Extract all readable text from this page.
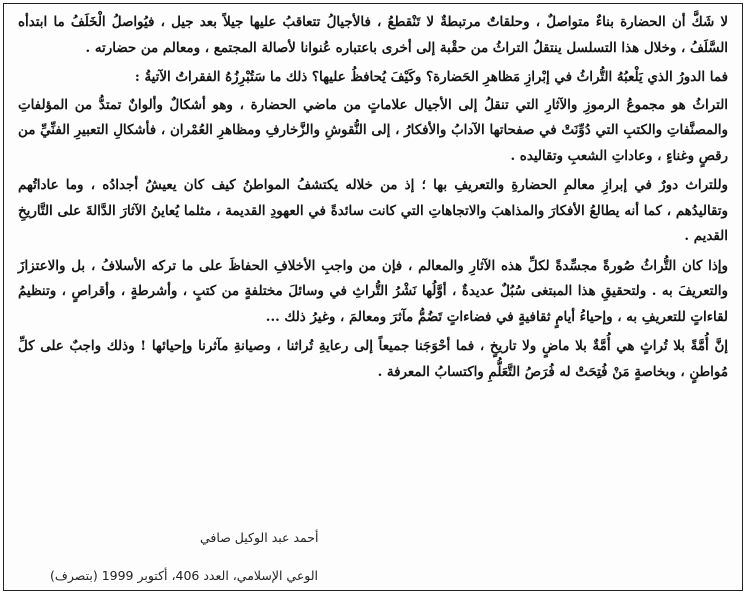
لا شَكَّ أن الحضارة بناءٌ متواصلٌ ، وحلقاتٌ مرتبطةٌ لا تَنْقطعُ ، فالأجيالُ تتعاقبُ عليها جيلاً بعد جيل ، فيُواصلُ الْخَلَفُ ما ابتدأه السَّلَفُ ، وخلال هذا التسلسل ينتقلُ التراثُ من حقْبة إلى أخرى باعتباره عُنوانا لأصالة المجتمع ، ومعالم من حضارته .

فما الدورُ الذي يَلْعبُهُ التُّراثُ في إبْرازِ مَظاهرِ الحَضارة؟ وكَيْفَ يُحافظُ عليها؟ ذلك ما سَتُبْرِزُهُ الفقراتُ الآتيةُ :

التراثُ هو مجموعُ الرموزِ والآثارِ التي تنقلُ إلى الأجيال علاماتٍ من ماضي الحضارة ، وهو أشكالٌ وألوانٌ تمتدُّ من المؤلفاتِ والمصنَّفاتِ والكتبِ التي دُوِّنَتْ في صفحاتها الآدابُ والأفكارُ ، إلى النُّقوشِ والزَّخارفِ ومظاهرِ العُمْران ، فأشكالِ التعبيرِ الفنِّيِّ من رقصٍ وغناءٍ ، وعاداتِ الشعبِ وتقاليده .

وللتراث دورٌ في إبرازِ معالمِ الحضارةِ والتعريفِ بها ؛ إذ من خلاله يكتشفُ المواطنُ كيف كان يعيشُ أجدادُه ، وما عاداتُهم وتقاليدُهم ، كما أنه يطالعُ الأفكارَ والمذاهبَ والاتجاهاتِ التي كانت سائدةً في العهودِ القديمة ، مثلما يُعاينُ الآثارَ الدَّالةَ على التَّاريخِ القديم .

وإذا كان التُّراثُ صُورةً مجسِّدةً لكلِّ هذه الآثارِ والمعالم ، فإن من واجبِ الأخلافِ الحفاظَ على ما تركه الأسلافُ ، بل والاعتزازَ والتعريفَ به . ولتحقيقِ هذا المبتغى سُبُلٌ عديدةٌ ، أوَّلُها نَشْرُ التُّراثِ في وسائلَ مختلفةٍ من كتبٍ ، وأشرطةٍ ، وأقراصٍ ، وتنظيمُ لقاءاتٍ للتعريفِ به ، وإحياءُ أيامٍ ثقافيةٍ في فضاءاتٍ تَضُمُّ مآثرَ ومعالمَ ، وغيرُ ذلك ...

إنَّ أُمَّةً بلا تُراثٍ هي أُمَّةٌ بلا ماضٍ ولا تاريخٍ ، فما أحْوَجَنا جميعاً إلى رعايةِ تُراثنا ، وصيانةِ مآثرنا وإحيائها ! وذلك واجبٌ على كلِّ مُواطنٍ ، وبخاصةٍ مَنْ فُتِحَتْ له فُرَصُ التَّعَلُّمِ واكتسابُ المعرفة .

أحمد عبد الوكيل صافي
الوعي الإسلامي، العدد 406، أكتوبر 1999 (بتصرف)
